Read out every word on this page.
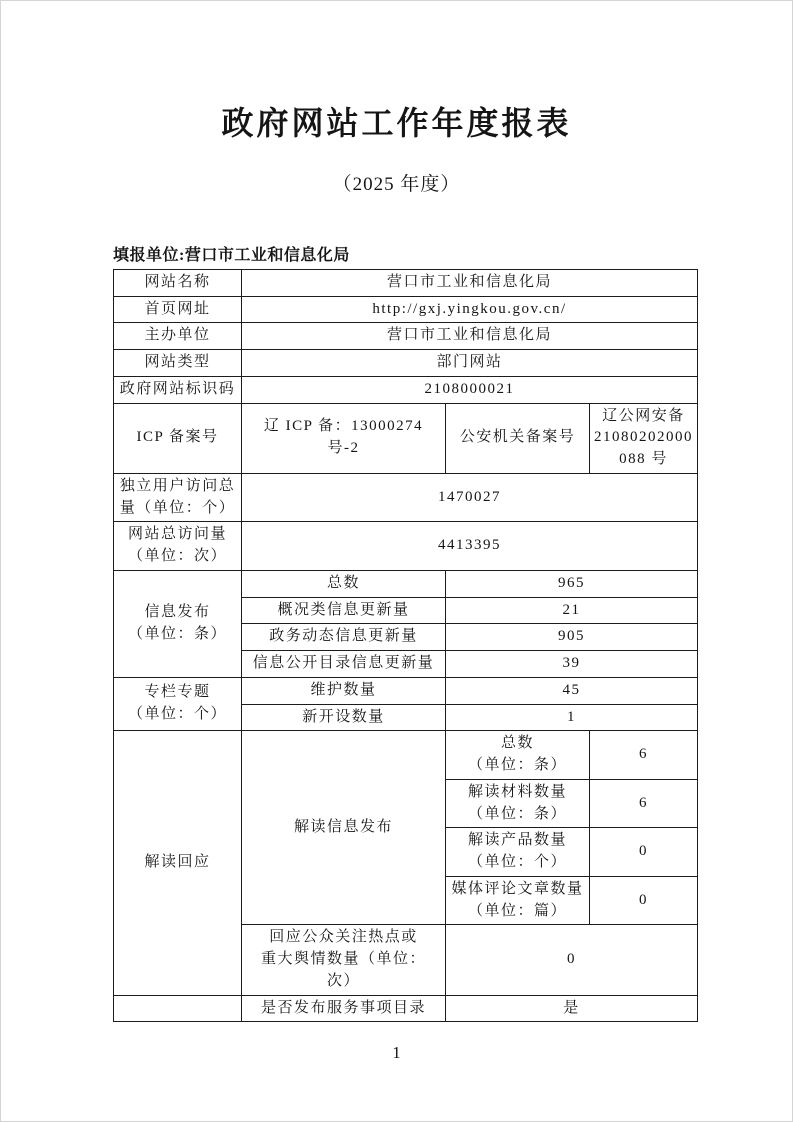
政府网站工作年度报表
（2025 年度）
填报单位:营口市工业和信息化局
网站名称	营口市工业和信息化局		
首页网址	http://gxj.yingkou.gov.cn/		
主办单位	营口市工业和信息化局		
网站类型	部门网站		
政府网站标识码	2108000021		
ICP 备案号	辽 ICP 备：13000274 号-2	公安机关备案号	辽公网安备
21080202000
088 号

独立用户访问总
量（单位：个）	1470027		

网站总访问量
（单位：次）	4413395		

信息发布
（单位：条）	总数	965	
	概况类信息更新量	21	
	政务动态信息更新量	905	
	信息公开目录信息更新量	39	

专栏专题
（单位：个）	维护数量	45	
	新开设数量	1	
解读回应	解读信息发布	总数
（单位：条）	6

		解读材料数量
（单位：条）	6

		解读产品数量
（单位：个）	0

		媒体评论文章数量
（单位：篇）	0

	回应公众关注热点或
重大舆情数量（单位：
次）	0	
	是否发布服务事项目录	是	
1
